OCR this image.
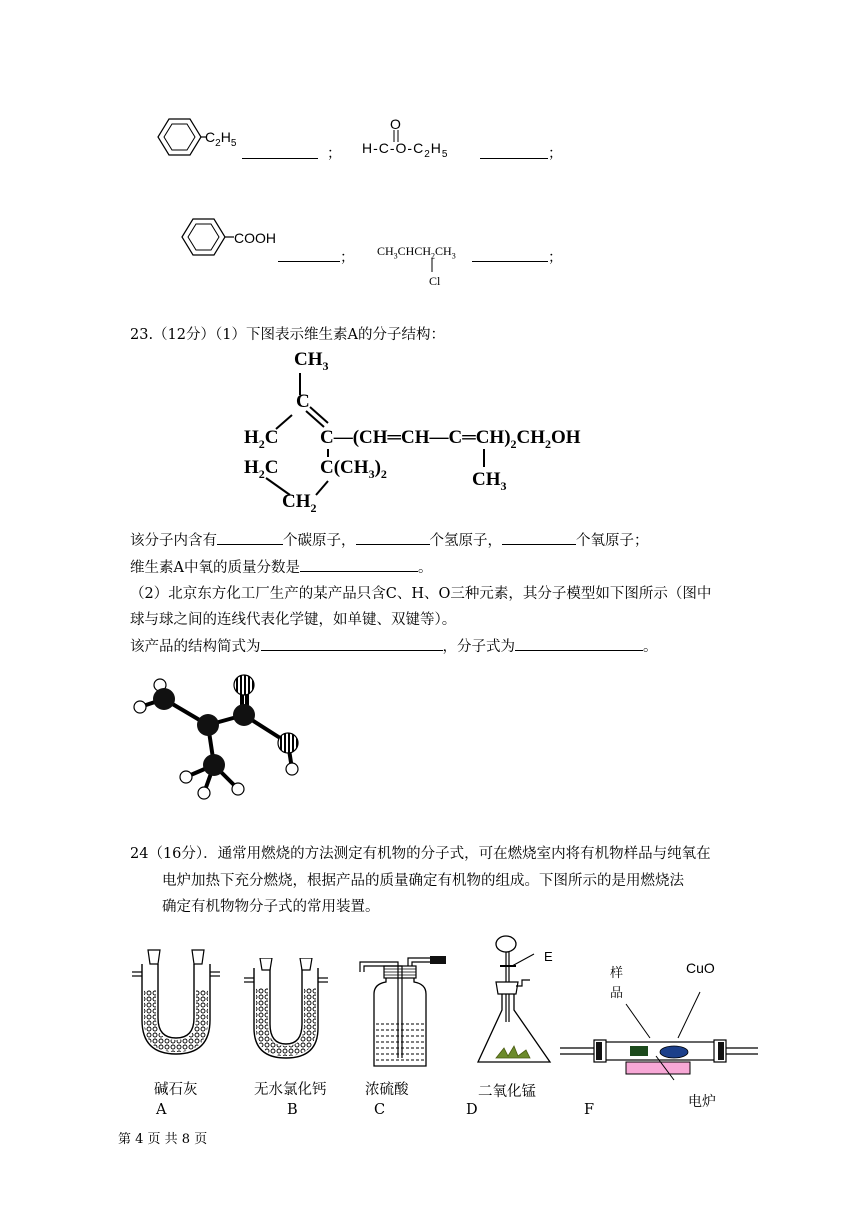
$C_2H_5$
；
O
$H-C-O-C_2H_5$	；
COOH
； $CH_3CHCH_2CH_3$
Cl
；
23.（12分）（1）下图表示维生素A的分子结构：
$CH_3$
C
$H_2C$ $C—(CH═CH—C═CH)_2CH_2OH$
$H_2C$ $C(CH_3)_2$	$CH_3$
$CH_2$
该分子内含有	个碳原子，	个氢原子，	个氧原子；
维生素A中氧的质量分数是	。
（2）北京东方化工厂生产的某产品只含C、H、O三种元素，其分子模型如下图所示（图中
球与球之间的连线代表化学键，如单键、双键等）。
该产品的结构简式为	，分子式为	。
24（16分）．通常用燃烧的方法测定有机物的分子式，可在燃烧室内将有机物样品与纯氧在
电炉加热下充分燃烧，根据产品的质量确定有机物的组成。下图所示的是用燃烧法
确定有机物物分子式的常用装置。
E
样品
CuO
电炉
碱石灰
A
无水氯化钙
B
浓硫酸
C
二氧化锰
D	F
第 4 页 共 8 页
